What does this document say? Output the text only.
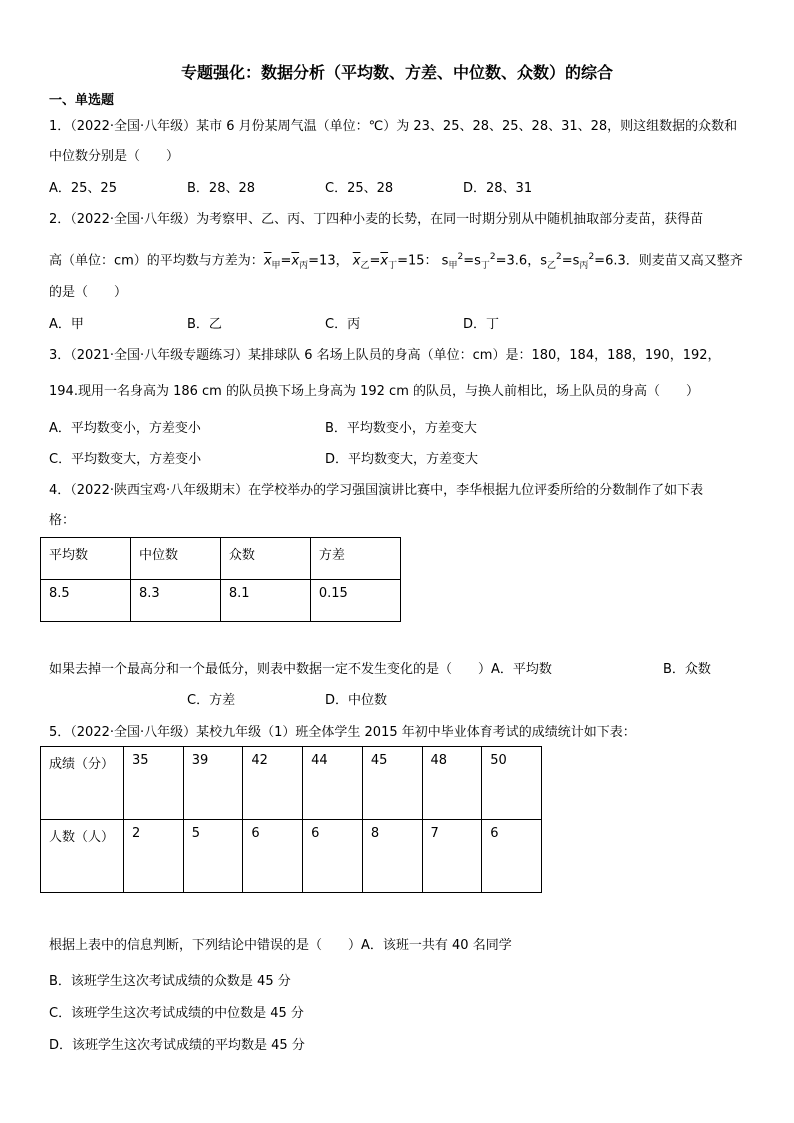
专题强化：数据分析（平均数、方差、中位数、众数）的综合
一、单选题
1．（2022·全国·八年级）某市 6 月份某周气温（单位：℃）为 23、25、28、25、28、31、28，则这组数据的众数和
中位数分别是（　　）
A．25、25	B．28、28	C．25、28	D．28、31
2．（2022·全国·八年级）为考察甲、乙、丙、丁四种小麦的长势，在同一时期分别从中随机抽取部分麦苗，获得苗
高（单位：cm）的平均数与方差为：$\overline{x}_甲=\overline{x}_丙=13$， $\overline{x}_乙=\overline{x}_丁=15$： $s_甲^2=s_丁^2=3.6$，$s_乙^2=s_丙^2=6.3$．则麦苗又高又整齐
的是（　　）
A．甲	B．乙	C．丙	D．丁
3．（2021·全国·八年级专题练习）某排球队 6 名场上队员的身高（单位：cm）是：180，184，188，190，192，
194.现用一名身高为 186 cm 的队员换下场上身高为 192 cm 的队员，与换人前相比，场上队员的身高（　　）
A．平均数变小，方差变小	B．平均数变小，方差变大
C．平均数变大，方差变小	D．平均数变大，方差变大
4．（2022·陕西宝鸡·八年级期末）在学校举办的学习强国演讲比赛中，李华根据九位评委所给的分数制作了如下表
格：
平均数	中位数	众数	方差
8.5	8.3	8.1	0.15
如果去掉一个最高分和一个最低分，则表中数据一定不发生变化的是（　　）A．平均数	B．众数
C．方差	D．中位数
5．（2022·全国·八年级）某校九年级（1）班全体学生 2015 年初中毕业体育考试的成绩统计如下表：
成绩（分）	35	39	42	44	45	48	50
人数（人）	2	5	6	6	8	7	6
根据上表中的信息判断，下列结论中错误的是（　　）A．该班一共有 40 名同学
B．该班学生这次考试成绩的众数是 45 分
C．该班学生这次考试成绩的中位数是 45 分
D．该班学生这次考试成绩的平均数是 45 分
